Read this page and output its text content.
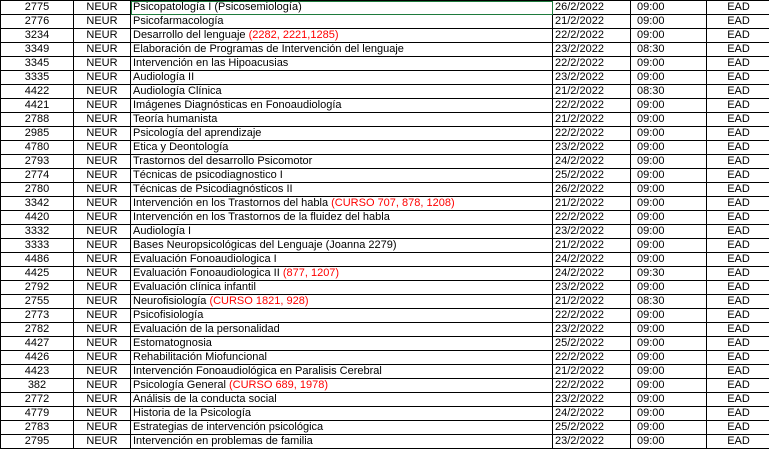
2775	NEUR	Psicopatología I (Psicosemiología)	26/2/2022	09:00	EAD
2776	NEUR	Psicofarmacología	21/2/2022	09:00	EAD
3234	NEUR	Desarrollo del lenguaje (2282, 2221,1285)	22/2/2022	09:00	EAD
3349	NEUR	Elaboración de Programas de Intervención del lenguaje	23/2/2022	08:30	EAD
3345	NEUR	Intervención en las Hipoacusias	22/2/2022	09:00	EAD
3335	NEUR	Audiología II	23/2/2022	09:00	EAD
4422	NEUR	Audiología Clínica	21/2/2022	08:30	EAD
4421	NEUR	Imágenes Diagnósticas en Fonoaudiología	22/2/2022	09:00	EAD
2788	NEUR	Teoría humanista	21/2/2022	09:00	EAD
2985	NEUR	Psicología del aprendizaje	22/2/2022	09:00	EAD
4780	NEUR	Etica y Deontología	23/2/2022	09:00	EAD
2793	NEUR	Trastornos del desarrollo Psicomotor	24/2/2022	09:00	EAD
2774	NEUR	Técnicas de psicodiagnostico I	25/2/2022	09:00	EAD
2780	NEUR	Técnicas de Psicodiagnósticos II	26/2/2022	09:00	EAD
3342	NEUR	Intervención en los Trastornos del habla (CURSO 707, 878, 1208)	21/2/2022	09:00	EAD
4420	NEUR	Intervención en los Trastornos de la fluidez del habla	22/2/2022	09:00	EAD
3332	NEUR	Audiología I	23/2/2022	09:00	EAD
3333	NEUR	Bases Neuropsicológicas del Lenguaje (Joanna 2279)	21/2/2022	09:00	EAD
4486	NEUR	Evaluación Fonoaudiologica I	24/2/2022	09:00	EAD
4425	NEUR	Evaluación Fonoaudiologica II (877, 1207)	24/2/2022	09:30	EAD
2792	NEUR	Evaluación clínica infantil	23/2/2022	09:00	EAD
2755	NEUR	Neurofisiología (CURSO 1821, 928)	21/2/2022	08:30	EAD
2773	NEUR	Psicofisiología	22/2/2022	09:00	EAD
2782	NEUR	Evaluación de la personalidad	23/2/2022	09:00	EAD
4427	NEUR	Estomatognosia	25/2/2022	09:00	EAD
4426	NEUR	Rehabilitación Miofuncional	22/2/2022	09:00	EAD
4423	NEUR	Intervención Fonoaudiológica en Paralisis Cerebral	21/2/2022	09:00	EAD
382	NEUR	Psicología General (CURSO 689, 1978)	22/2/2022	09:00	EAD
2772	NEUR	Análisis de la conducta social	23/2/2022	09:00	EAD
4779	NEUR	Historia de la Psicología	24/2/2022	09:00	EAD
2783	NEUR	Estrategias de intervención psicológica	25/2/2022	09:00	EAD
2795	NEUR	Intervención en problemas de familia	23/2/2022	09:00	EAD
